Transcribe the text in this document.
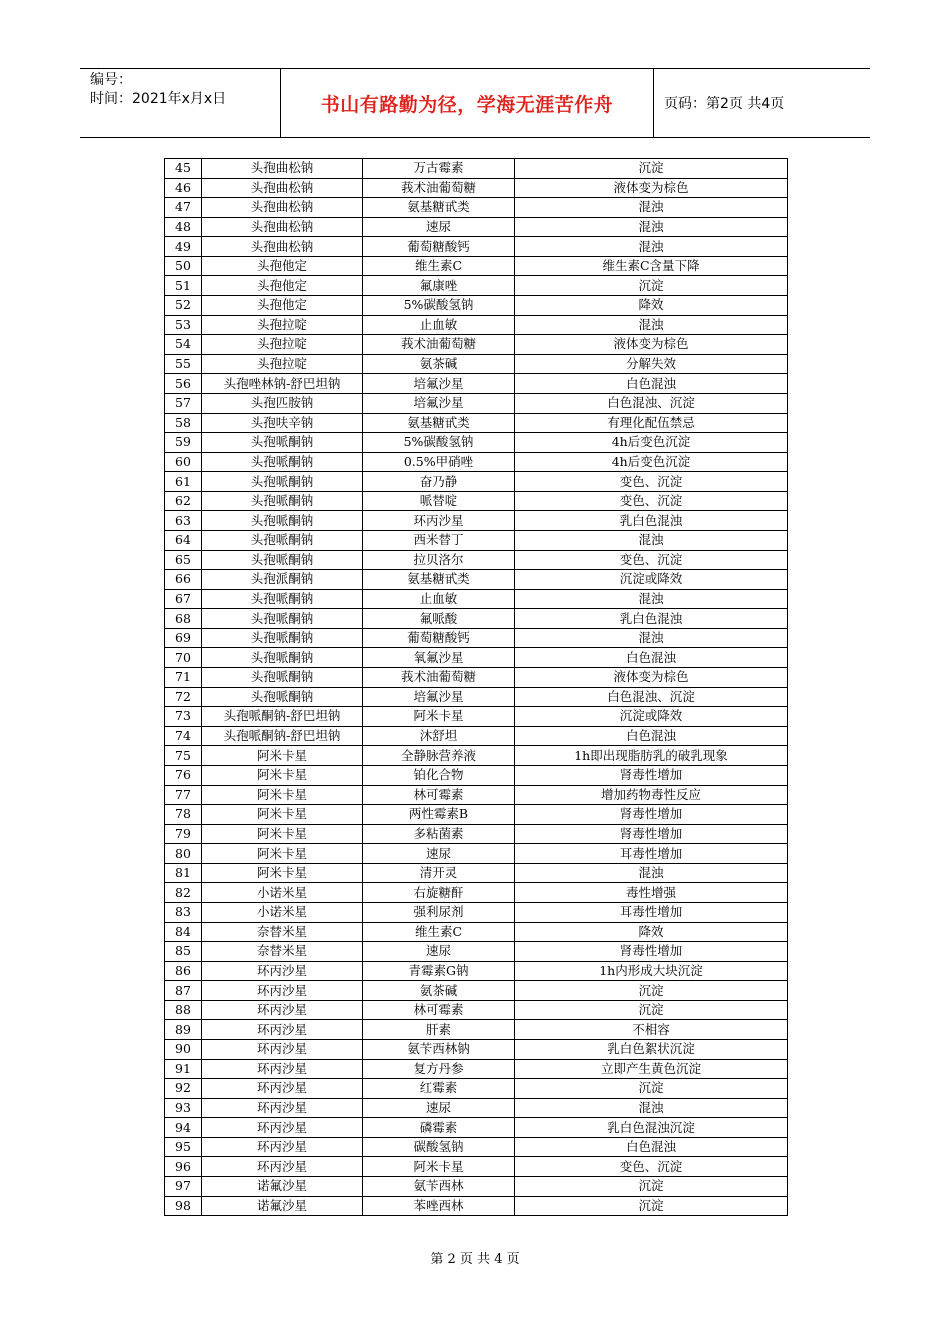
编号：
时间：2021年x月x日	书山有路勤为径，学海无涯苦作舟	页码：第2页 共4页
45	头孢曲松钠	万古霉素	沉淀
46	头孢曲松钠	莪术油葡萄糖	液体变为棕色
47	头孢曲松钠	氨基糖甙类	混浊
48	头孢曲松钠	速尿	混浊
49	头孢曲松钠	葡萄糖酸钙	混浊
50	头孢他定	维生素C	维生素C含量下降
51	头孢他定	氟康唑	沉淀
52	头孢他定	5%碳酸氢钠	降效
53	头孢拉啶	止血敏	混浊
54	头孢拉啶	莪术油葡萄糖	液体变为棕色
55	头孢拉啶	氨茶碱	分解失效
56	头孢唑林钠-舒巴坦钠	培氟沙星	白色混浊
57	头孢匹胺钠	培氟沙星	白色混浊、沉淀
58	头孢呋辛钠	氨基糖甙类	有理化配伍禁忌
59	头孢哌酮钠	5%碳酸氢钠	4h后变色沉淀
60	头孢哌酮钠	0.5%甲硝唑	4h后变色沉淀
61	头孢哌酮钠	奋乃静	变色、沉淀
62	头孢哌酮钠	哌替啶	变色、沉淀
63	头孢哌酮钠	环丙沙星	乳白色混浊
64	头孢哌酮钠	西米替丁	混浊
65	头孢哌酮钠	拉贝洛尔	变色、沉淀
66	头孢派酮钠	氨基糖甙类	沉淀或降效
67	头孢哌酮钠	止血敏	混浊
68	头孢哌酮钠	氟哌酸	乳白色混浊
69	头孢哌酮钠	葡萄糖酸钙	混浊
70	头孢哌酮钠	氧氟沙星	白色混浊
71	头孢哌酮钠	莪术油葡萄糖	液体变为棕色
72	头孢哌酮钠	培氟沙星	白色混浊、沉淀
73	头孢哌酮钠-舒巴坦钠	阿米卡星	沉淀或降效
74	头孢哌酮钠-舒巴坦钠	沐舒坦	白色混浊
75	阿米卡星	全静脉营养液	1h即出现脂肪乳的破乳现象
76	阿米卡星	铂化合物	肾毒性增加
77	阿米卡星	林可霉素	增加药物毒性反应
78	阿米卡星	两性霉素B	肾毒性增加
79	阿米卡星	多粘菌素	肾毒性增加
80	阿米卡星	速尿	耳毒性增加
81	阿米卡星	清开灵	混浊
82	小诺米星	右旋糖酐	毒性增强
83	小诺米星	强利尿剂	耳毒性增加
84	奈替米星	维生素C	降效
85	奈替米星	速尿	肾毒性增加
86	环丙沙星	青霉素G钠	1h内形成大块沉淀
87	环丙沙星	氨茶碱	沉淀
88	环丙沙星	林可霉素	沉淀
89	环丙沙星	肝素	不相容
90	环丙沙星	氨苄西林钠	乳白色絮状沉淀
91	环丙沙星	复方丹参	立即产生黄色沉淀
92	环丙沙星	红霉素	沉淀
93	环丙沙星	速尿	混浊
94	环丙沙星	磷霉素	乳白色混浊沉淀
95	环丙沙星	碳酸氢钠	白色混浊
96	环丙沙星	阿米卡星	变色、沉淀
97	诺氟沙星	氨苄西林	沉淀
98	诺氟沙星	苯唑西林	沉淀
第 2 页 共 4 页
